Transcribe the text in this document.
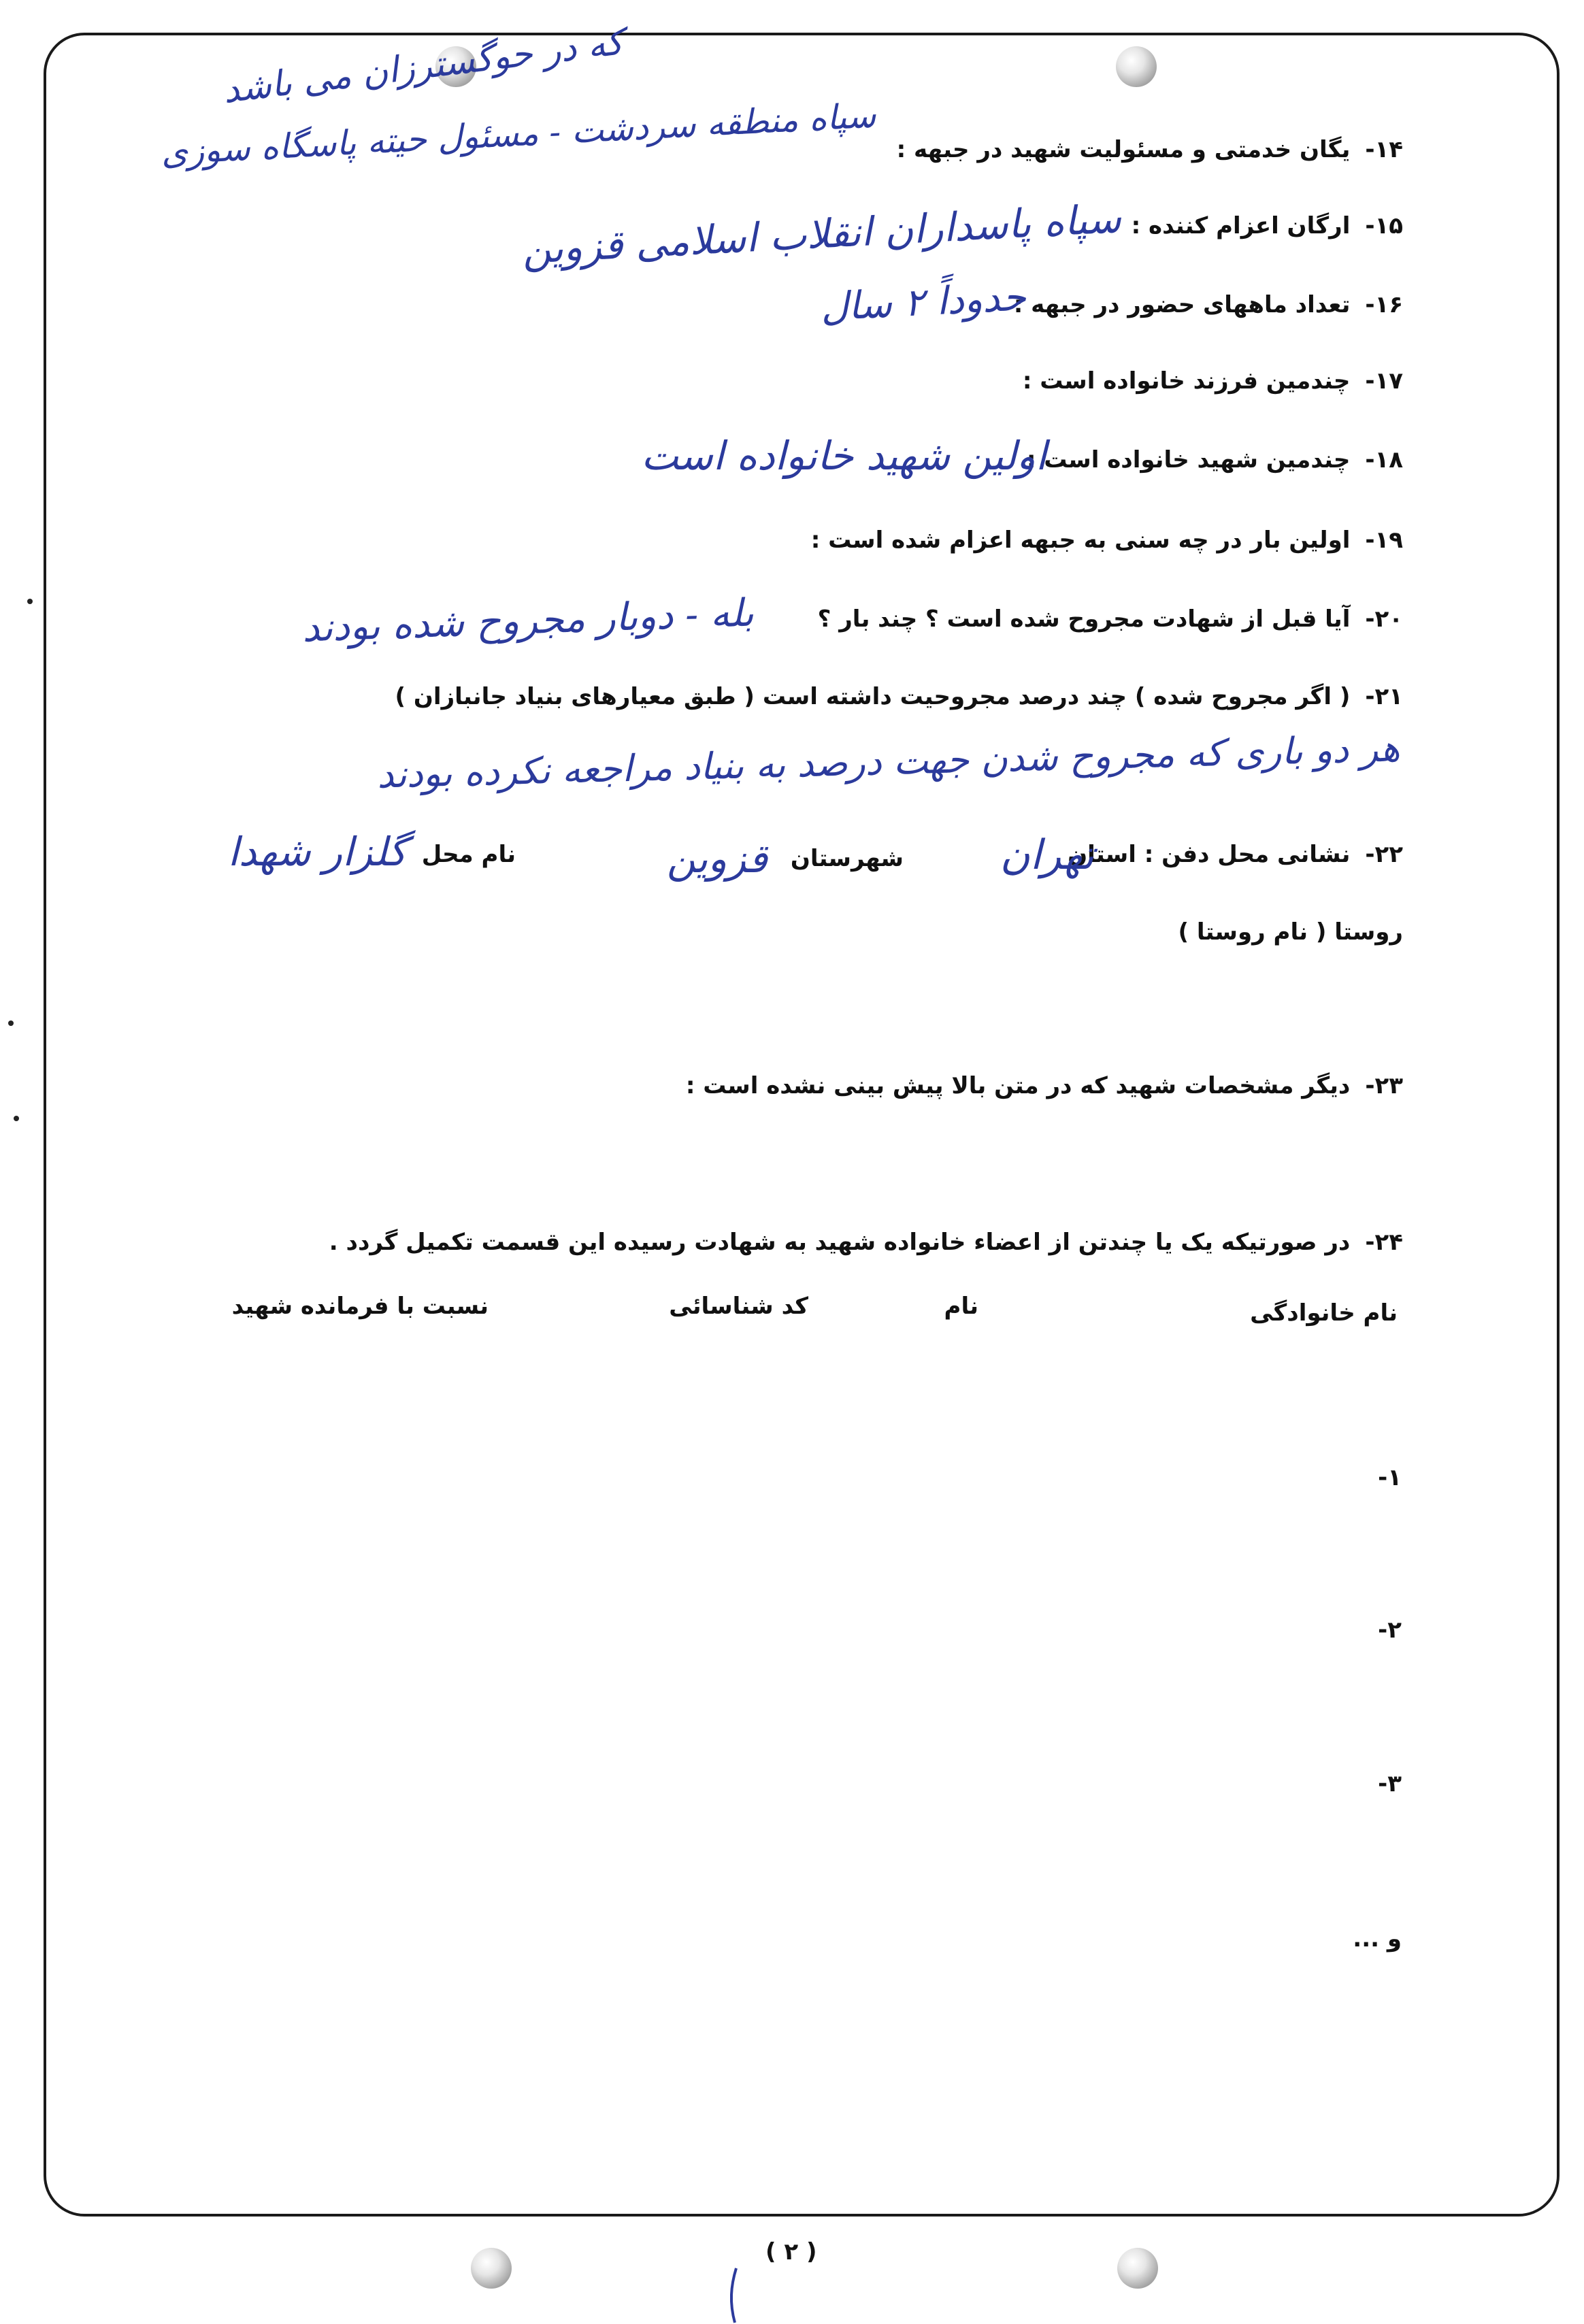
که در حوگسترزان می باشد
سپاه منطقه سردشت - مسئول حیته پاسگاه سوزی	۱۴-یگان خدمتی و مسئولیت شهید در جبهه :
۱۵-ارگان اعزام کننده :
سپاه پاسداران انقلاب اسلامی قزوین
۱۶-تعداد ماههای حضور در جبهه :
حدوداً ۲ سال
۱۷-چندمین فرزند خانواده است :
۱۸-چندمین شهید خانواده است :
اولین شهید خانواده است
۱۹-اولین بار در چه سنی به جبهه اعزام شده است :
۲۰-آیا قبل از شهادت مجروح شده است ؟ چند بار ؟
بله - دوبار مجروح شده بودند
۲۱-( اگر مجروح شده ) چند درصد مجروحیت داشته است ( طبق معیارهای بنیاد جانبازان )
هر دو باری که مجروح شدن جهت درصد به بنیاد مراجعه نکرده بودند
۲۲-نشانی محل دفن : استان
تهران
شهرستان
قزوین
نام محل
گلزار شهدا
روستا ( نام روستا )
۲۳-دیگر مشخصات شهید که در متن بالا پیش بینی نشده است :
۲۴-در صورتیکه یک یا چندتن از اعضاء خانواده شهید به شهادت رسیده این قسمت تکمیل گردد .
نام خانوادگی
نام
کد شناسائی
نسبت با فرمانده شهید
۱-
۲-
۳-
و ...
( ۲ )
